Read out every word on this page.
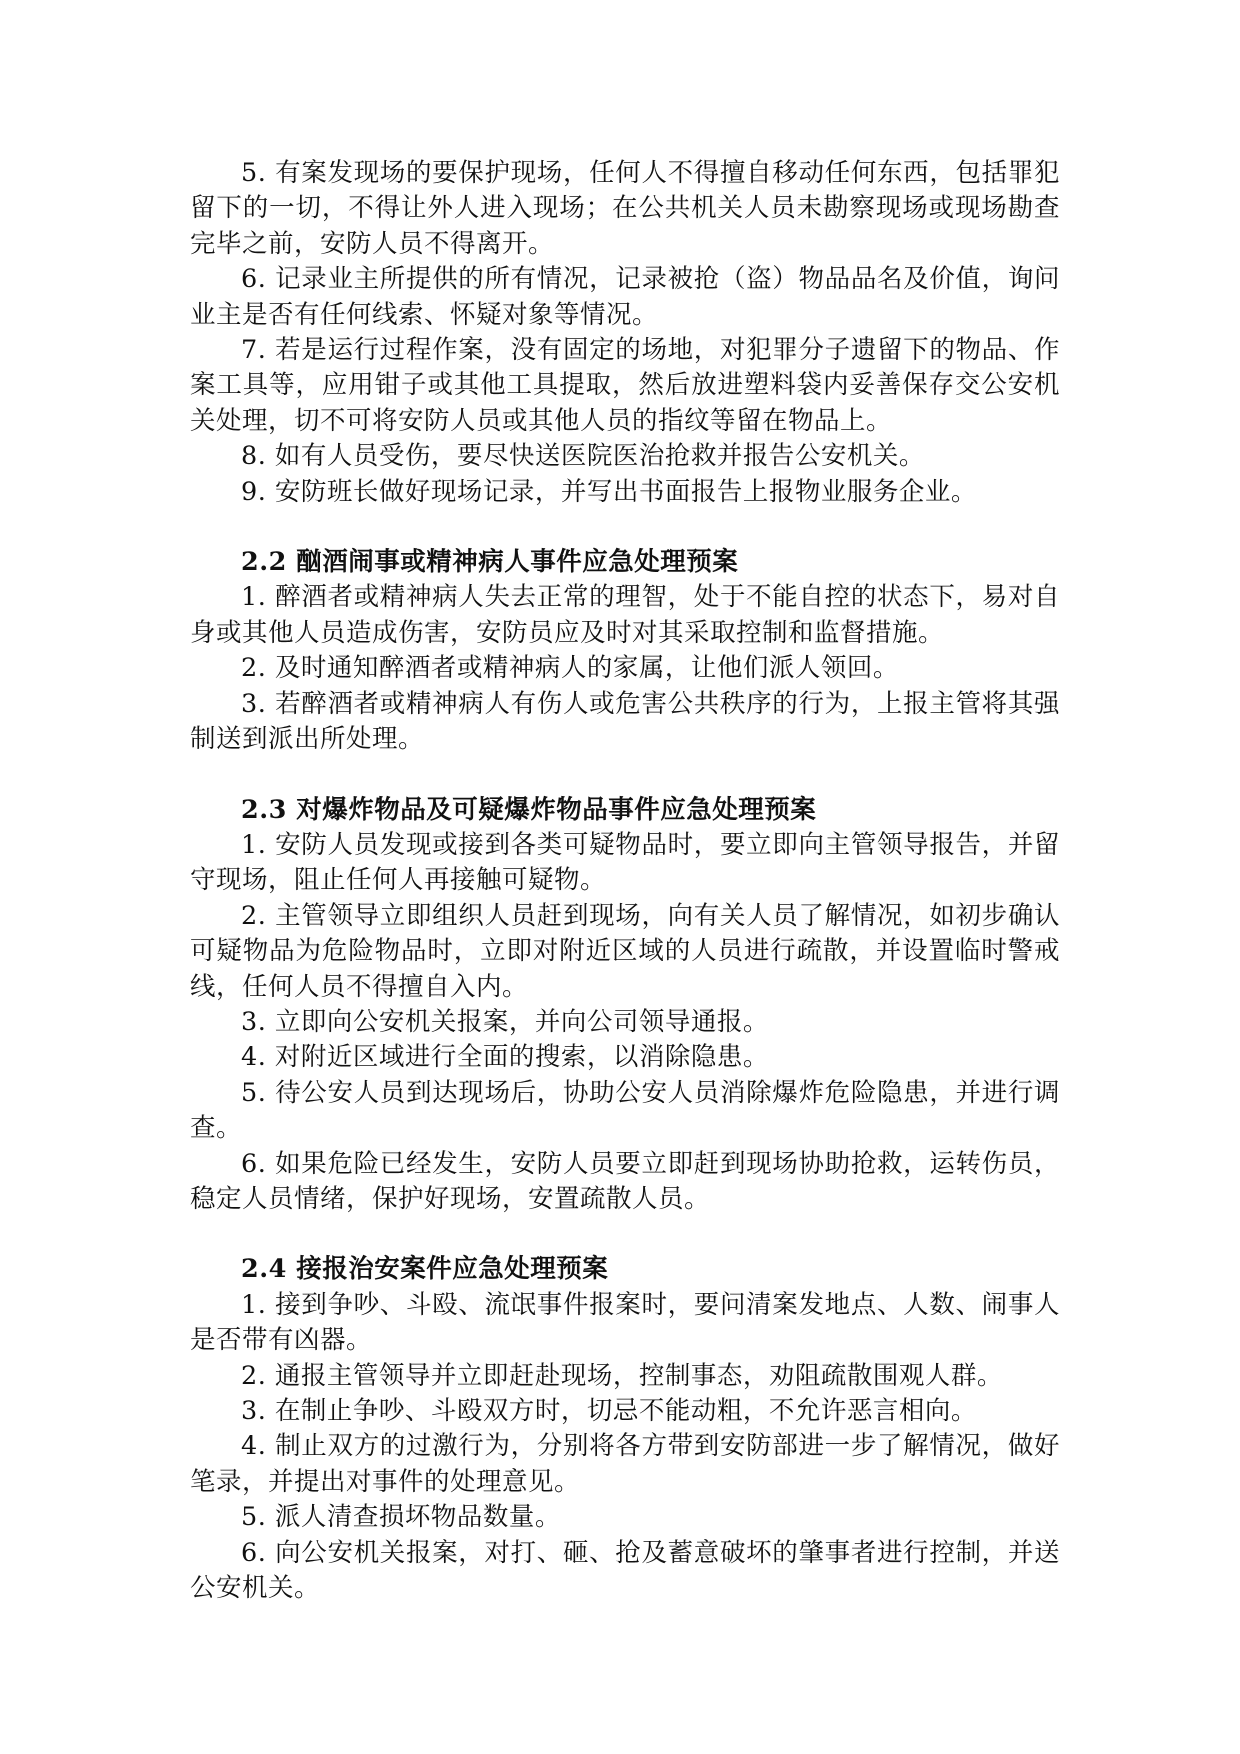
5. 有案发现场的要保护现场，任何人不得擅自移动任何东西，包括罪犯留下的一切，不得让外人进入现场；在公共机关人员未勘察现场或现场勘查完毕之前，安防人员不得离开。

6. 记录业主所提供的所有情况，记录被抢（盗）物品品名及价值，询问业主是否有任何线索、怀疑对象等情况。

7. 若是运行过程作案，没有固定的场地，对犯罪分子遗留下的物品、作案工具等，应用钳子或其他工具提取，然后放进塑料袋内妥善保存交公安机关处理，切不可将安防人员或其他人员的指纹等留在物品上。

8. 如有人员受伤，要尽快送医院医治抢救并报告公安机关。

9. 安防班长做好现场记录，并写出书面报告上报物业服务企业。

2.2 酗酒闹事或精神病人事件应急处理预案

1. 醉酒者或精神病人失去正常的理智，处于不能自控的状态下，易对自身或其他人员造成伤害，安防员应及时对其采取控制和监督措施。

2. 及时通知醉酒者或精神病人的家属，让他们派人领回。

3. 若醉酒者或精神病人有伤人或危害公共秩序的行为，上报主管将其强制送到派出所处理。

2.3 对爆炸物品及可疑爆炸物品事件应急处理预案

1. 安防人员发现或接到各类可疑物品时，要立即向主管领导报告，并留守现场，阻止任何人再接触可疑物。

2. 主管领导立即组织人员赶到现场，向有关人员了解情况，如初步确认可疑物品为危险物品时，立即对附近区域的人员进行疏散，并设置临时警戒线，任何人员不得擅自入内。

3. 立即向公安机关报案，并向公司领导通报。

4. 对附近区域进行全面的搜索，以消除隐患。

5. 待公安人员到达现场后，协助公安人员消除爆炸危险隐患，并进行调查。

6. 如果危险已经发生，安防人员要立即赶到现场协助抢救，运转伤员，稳定人员情绪，保护好现场，安置疏散人员。

2.4 接报治安案件应急处理预案

1. 接到争吵、斗殴、流氓事件报案时，要问清案发地点、人数、闹事人是否带有凶器。

2. 通报主管领导并立即赶赴现场，控制事态，劝阻疏散围观人群。

3. 在制止争吵、斗殴双方时，切忌不能动粗，不允许恶言相向。

4. 制止双方的过激行为，分别将各方带到安防部进一步了解情况，做好笔录，并提出对事件的处理意见。

5. 派人清查损坏物品数量。

6. 向公安机关报案，对打、砸、抢及蓄意破坏的肇事者进行控制，并送公安机关。
